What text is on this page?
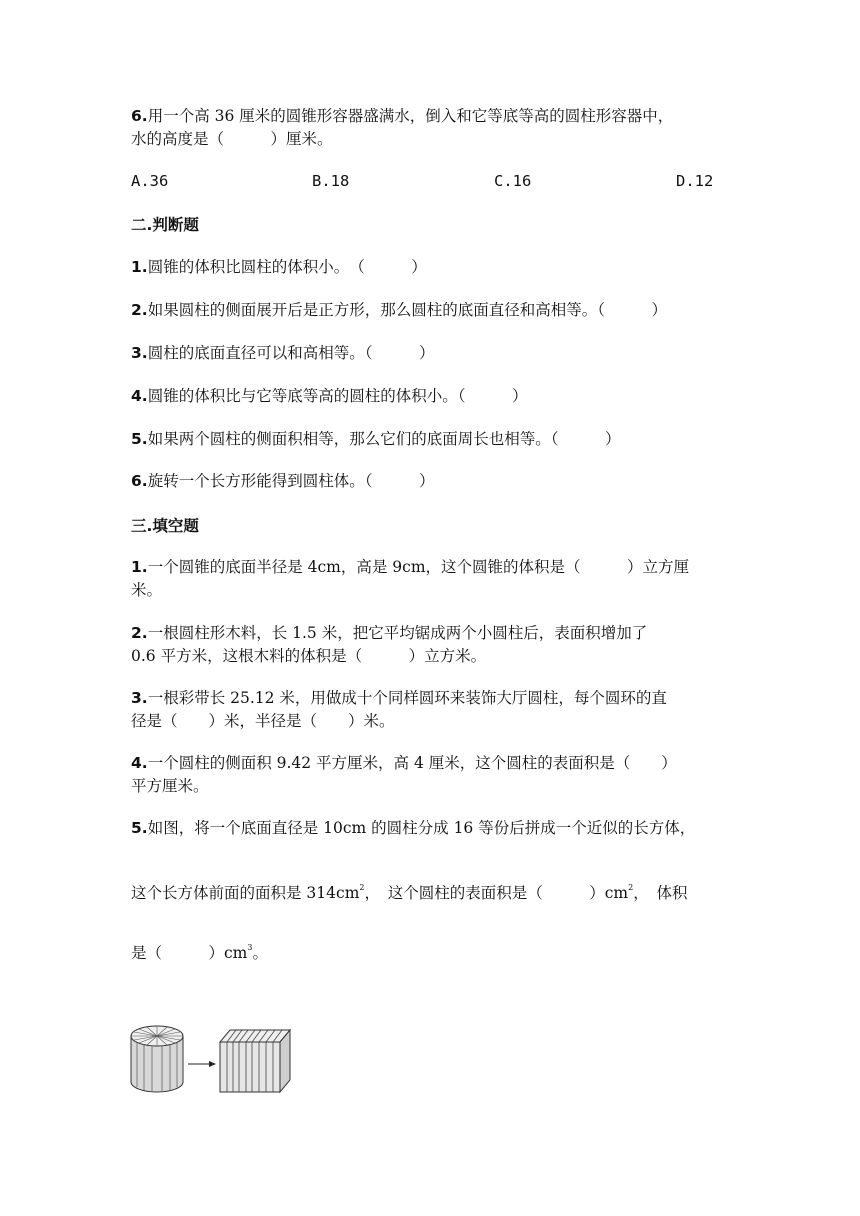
6.用一个高 36 厘米的圆锥形容器盛满水，倒入和它等底等高的圆柱形容器中，
水的高度是（　　　）厘米。
A.36	B.18	C.16	D.12
二.判断题
1.圆锥的体积比圆柱的体积小。　（　　　）
2.如果圆柱的侧面展开后是正方形，那么圆柱的底面直径和高相等。（　　　）
3.圆柱的底面直径可以和高相等。（　　　）
4.圆锥的体积比与它等底等高的圆柱的体积小。（　　　）
5.如果两个圆柱的侧面积相等，那么它们的底面周长也相等。（　　　）
6.旋转一个长方形能得到圆柱体。（　　　）
三.填空题
1.一个圆锥的底面半径是 4cm，高是 9cm，这个圆锥的体积是（　　　）立方厘
米。
2.一根圆柱形木料，长 1.5 米，把它平均锯成两个小圆柱后，表面积增加了
0.6 平方米，这根木料的体积是（　　　）立方米。
3.一根彩带长 25.12 米，用做成十个同样圆环来装饰大厅圆柱，每个圆环的直
径是（　　）米，半径是（　　）米。
4.一个圆柱的侧面积 9.42 平方厘米，高 4 厘米，这个圆柱的表面积是（　　）
平方厘米。
5.如图，将一个底面直径是 10cm 的圆柱分成 16 等份后拼成一个近似的长方体，
这个长方体前面的面积是 $314cm^2$，　这个圆柱的表面积是（　　　）$cm^2$，　体积
是（　　　）$cm^3$。
